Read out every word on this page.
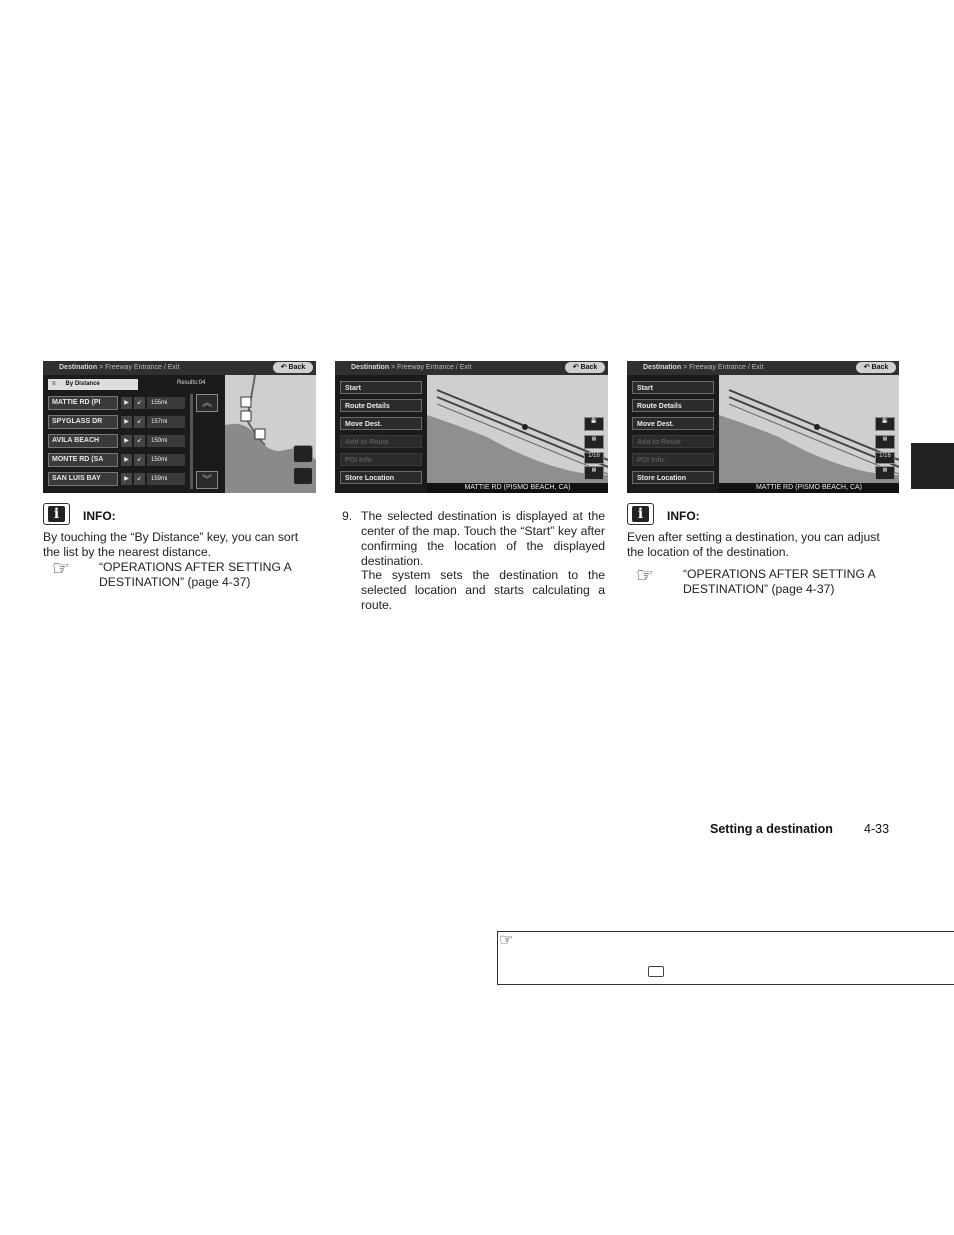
Destination > Freeway Entrance / Exit	↶ Back
≡ By Distance	Results:04
MATTIE RD (PI	▶	↙	155mi
SPYGLASS DR	▶	↙	157mi
AVILA BEACH	▶	↙	150mi
MONTE RD (SA	▶	↙	150mi
SAN LUIS BAY	▶	↙	159mi
︽
︾
Destination > Freeway Entrance / Exit	↶ Back
Start
Route Details
Move Dest.
Add to Route
POI Info.
Store Location
💾
▦
1/16
▦
MATTIE RD (PISMO BEACH, CA)
Destination > Freeway Entrance / Exit	↶ Back
Start
Route Details
Move Dest.
Add to Route
POI Info.
Store Location
💾
▦
1/16
▦
MATTIE RD (PISMO BEACH, CA)
i	INFO:
By touching the “By Distance” key, you can sort the list by the nearest distance.
☞ “OPERATIONS AFTER SETTING A DESTINATION” (page 4-37)
9. The selected destination is displayed at the center of the map. Touch the “Start” key after confirming the location of the displayed destination.
The system sets the destination to the selected location and starts calculating a route.
i	INFO:
Even after setting a destination, you can adjust the location of the destination.
☞ “OPERATIONS AFTER SETTING A DESTINATION” (page 4-37)
Setting a destination 4-33
☞
